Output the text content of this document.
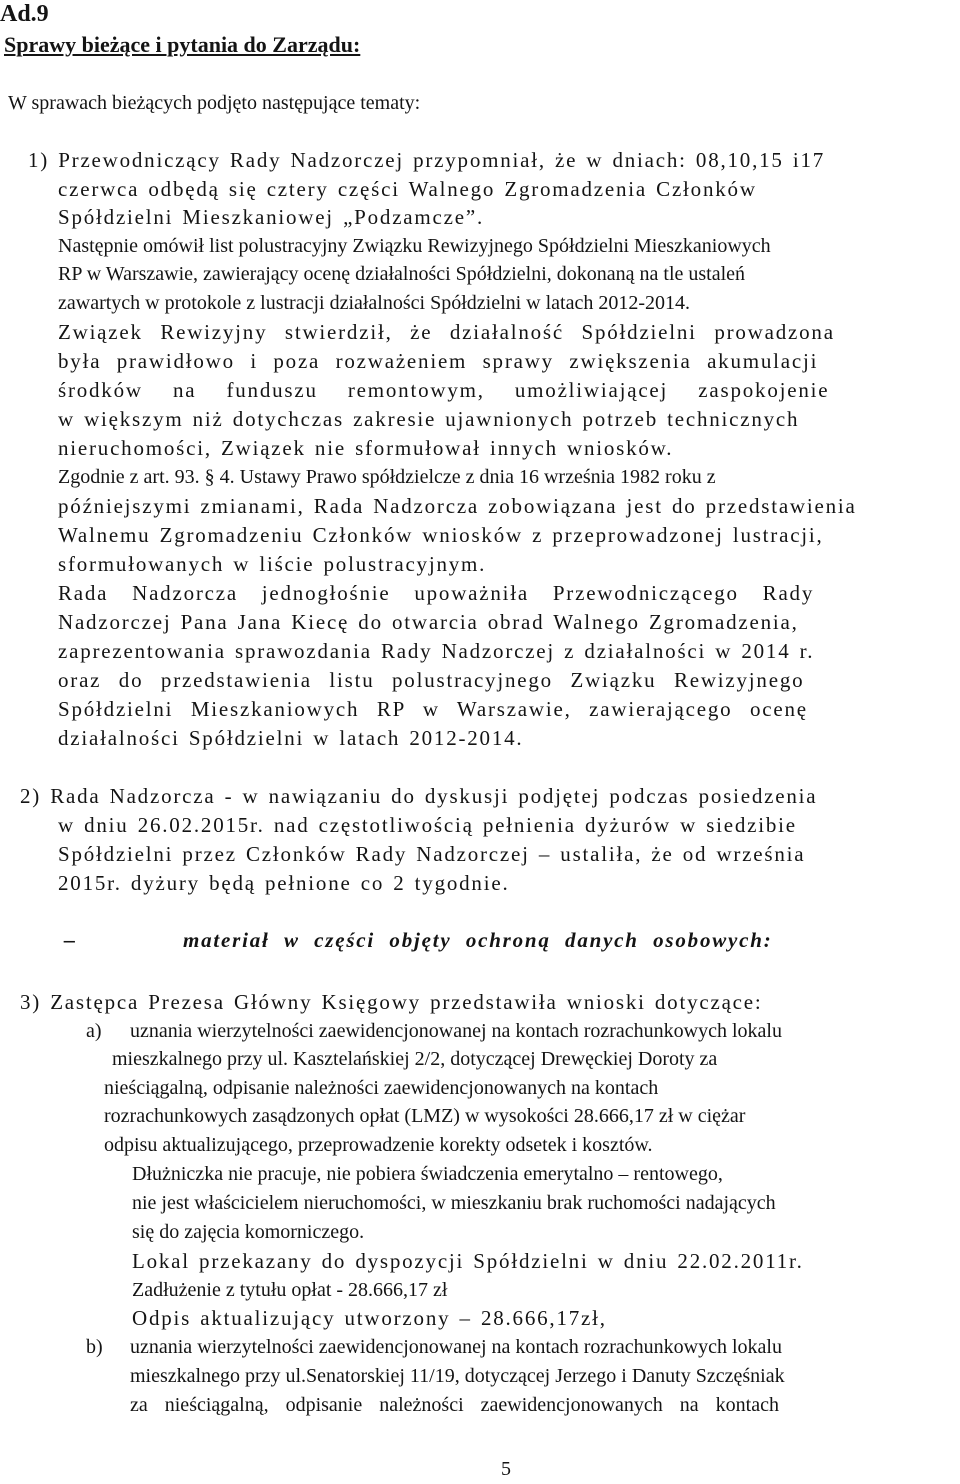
Ad.9
Sprawy bieżące i pytania do Zarządu:
W sprawach bieżących podjęto następujące tematy:
1) Przewodniczący Rady Nadzorczej przypomniał, że w dniach: 08,10,15 i17
czerwca odbędą się cztery części Walnego Zgromadzenia Członków
Spółdzielni Mieszkaniowej „Podzamcze”.
Następnie omówił list polustracyjny Związku Rewizyjnego Spółdzielni Mieszkaniowych
RP w Warszawie, zawierający ocenę działalności Spółdzielni, dokonaną na tle ustaleń
zawartych w protokole z lustracji działalności Spółdzielni w latach 2012-2014.
Związek Rewizyjny stwierdził, że działalność Spółdzielni prowadzona
była prawidłowo i poza rozważeniem sprawy zwiększenia akumulacji
środków na funduszu remontowym, umożliwiającej zaspokojenie
w większym niż dotychczas zakresie ujawnionych potrzeb technicznych
nieruchomości, Związek nie sformułował innych wniosków.
Zgodnie z art. 93. § 4. Ustawy Prawo spółdzielcze z dnia 16 września 1982 roku z
późniejszymi zmianami, Rada Nadzorcza zobowiązana jest do przedstawienia
Walnemu Zgromadzeniu Członków wniosków z przeprowadzonej lustracji,
sformułowanych w liście polustracyjnym.
Rada Nadzorcza jednogłośnie upoważniła Przewodniczącego Rady
Nadzorczej Pana Jana Kiecę do otwarcia obrad Walnego Zgromadzenia,
zaprezentowania sprawozdania Rady Nadzorczej z działalności w 2014 r.
oraz do przedstawienia listu polustracyjnego Związku Rewizyjnego
Spółdzielni Mieszkaniowych RP w Warszawie, zawierającego ocenę
działalności Spółdzielni w latach 2012-2014.
2) Rada Nadzorcza - w nawiązaniu do dyskusji podjętej podczas posiedzenia
w dniu 26.02.2015r. nad częstotliwością pełnienia dyżurów w siedzibie
Spółdzielni przez Członków Rady Nadzorczej – ustaliła, że od września
2015r. dyżury będą pełnione co 2 tygodnie.
–	materiał w części objęty ochroną danych osobowych:
3) Zastępca Prezesa Główny Księgowy przedstawiła wnioski dotyczące:
a) uznania wierzytelności zaewidencjonowanej na kontach rozrachunkowych lokalu
mieszkalnego przy ul. Kasztelańskiej 2/2, dotyczącej Drewęckiej Doroty za
nieściągalną, odpisanie należności zaewidencjonowanych na kontach
rozrachunkowych zasądzonych opłat (LMZ) w wysokości 28.666,17 zł w ciężar
odpisu aktualizującego, przeprowadzenie korekty odsetek i kosztów.
Dłużniczka nie pracuje, nie pobiera świadczenia emerytalno – rentowego,
nie jest właścicielem nieruchomości, w mieszkaniu brak ruchomości nadających
się do zajęcia komorniczego.
Lokal przekazany do dyspozycji Spółdzielni w dniu 22.02.2011r.
Zadłużenie z tytułu opłat - 28.666,17 zł
Odpis aktualizujący utworzony – 28.666,17zł,
b) uznania wierzytelności zaewidencjonowanej na kontach rozrachunkowych lokalu
mieszkalnego przy ul.Senatorskiej 11/19, dotyczącej Jerzego i Danuty Szczęśniak
za nieściągalną, odpisanie należności zaewidencjonowanych na kontach
5
